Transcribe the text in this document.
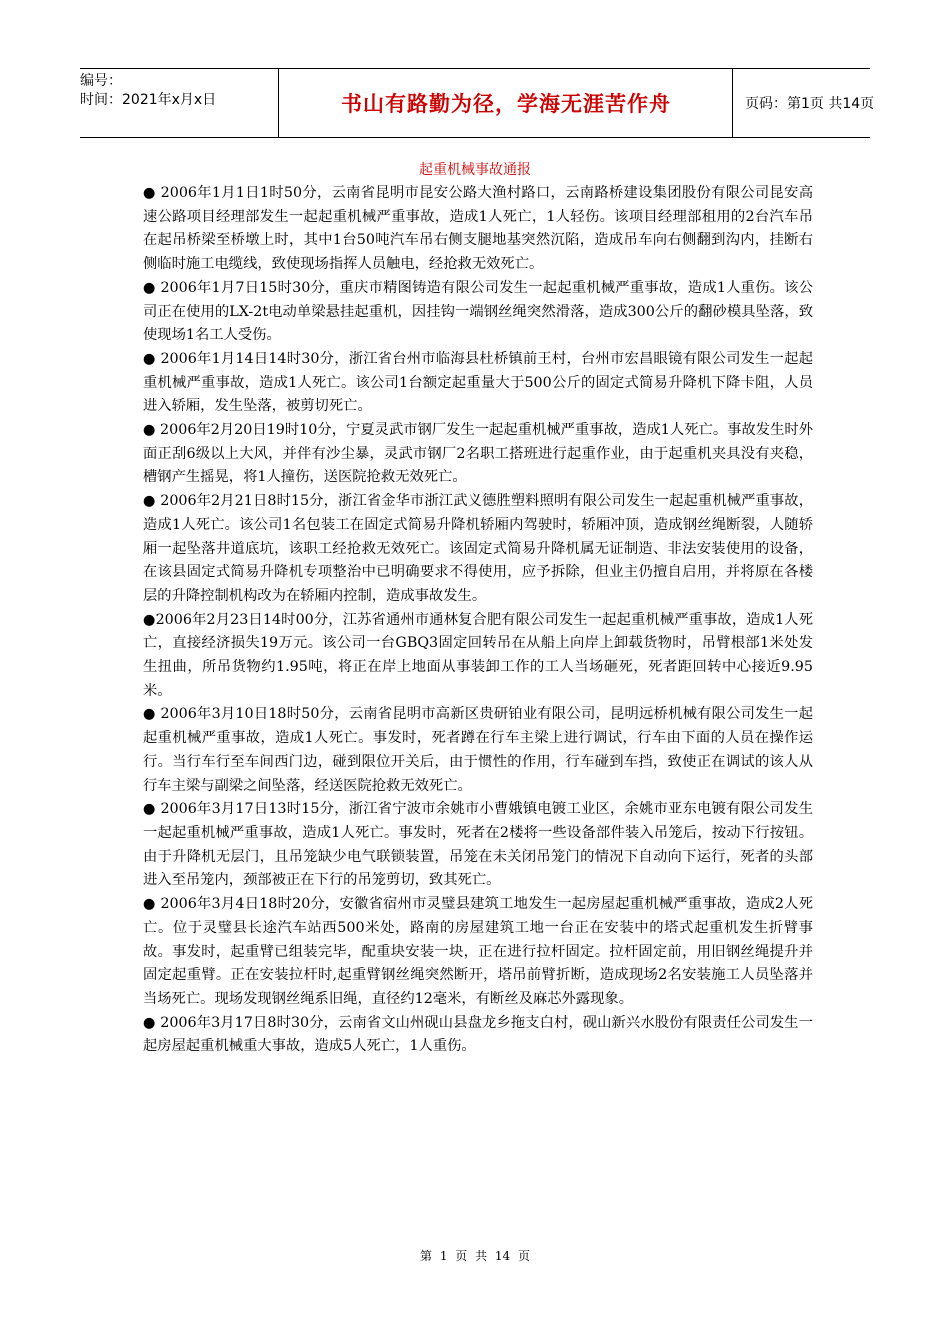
编号：
时间：2021年x月x日	书山有路勤为径，学海无涯苦作舟	页码：第1页 共14页
起重机械事故通报

● 2006年1月1日1时50分，云南省昆明市昆安公路大渔村路口，云南路桥建设集团股份有限公司昆安高速公路项目经理部发生一起起重机械严重事故，造成1人死亡，1人轻伤。该项目经理部租用的2台汽车吊在起吊桥梁至桥墩上时，其中1台50吨汽车吊右侧支腿地基突然沉陷，造成吊车向右侧翻到沟内，挂断右侧临时施工电缆线，致使现场指挥人员触电，经抢救无效死亡。

● 2006年1月7日15时30分，重庆市精图铸造有限公司发生一起起重机械严重事故，造成1人重伤。该公司正在使用的LX-2t电动单梁悬挂起重机，因挂钩一端钢丝绳突然滑落，造成300公斤的翻砂模具坠落，致使现场1名工人受伤。

● 2006年1月14日14时30分，浙江省台州市临海县杜桥镇前王村，台州市宏昌眼镜有限公司发生一起起重机械严重事故，造成1人死亡。该公司1台额定起重量大于500公斤的固定式简易升降机下降卡阻，人员进入轿厢，发生坠落，被剪切死亡。

● 2006年2月20日19时10分，宁夏灵武市钢厂发生一起起重机械严重事故，造成1人死亡。事故发生时外面正刮6级以上大风，并伴有沙尘暴，灵武市钢厂2名职工搭班进行起重作业，由于起重机夹具没有夹稳，槽钢产生摇晃，将1人撞伤，送医院抢救无效死亡。

● 2006年2月21日8时15分，浙江省金华市浙江武义德胜塑料照明有限公司发生一起起重机械严重事故，造成1人死亡。该公司1名包装工在固定式简易升降机轿厢内驾驶时，轿厢冲顶，造成钢丝绳断裂，人随轿厢一起坠落井道底坑，该职工经抢救无效死亡。该固定式简易升降机属无证制造、非法安装使用的设备，在该县固定式简易升降机专项整治中已明确要求不得使用，应予拆除，但业主仍擅自启用，并将原在各楼层的升降控制机构改为在轿厢内控制，造成事故发生。

●2006年2月23日14时00分，江苏省通州市通林复合肥有限公司发生一起起重机械严重事故，造成1人死亡，直接经济损失19万元。该公司一台GBQ3固定回转吊在从船上向岸上卸载货物时，吊臂根部1米处发生扭曲，所吊货物约1.95吨，将正在岸上地面从事装卸工作的工人当场砸死，死者距回转中心接近9.95米。

● 2006年3月10日18时50分，云南省昆明市高新区贵研铂业有限公司，昆明远桥机械有限公司发生一起起重机械严重事故，造成1人死亡。事发时，死者蹲在行车主梁上进行调试，行车由下面的人员在操作运行。当行车行至车间西门边，碰到限位开关后，由于惯性的作用，行车碰到车挡，致使正在调试的该人从行车主梁与副梁之间坠落，经送医院抢救无效死亡。

● 2006年3月17日13时15分，浙江省宁波市余姚市小曹娥镇电镀工业区，余姚市亚东电镀有限公司发生一起起重机械严重事故，造成1人死亡。事发时，死者在2楼将一些设备部件装入吊笼后，按动下行按钮。由于升降机无层门，且吊笼缺少电气联锁装置，吊笼在未关闭吊笼门的情况下自动向下运行，死者的头部进入至吊笼内，颈部被正在下行的吊笼剪切，致其死亡。

● 2006年3月4日18时20分，安徽省宿州市灵璧县建筑工地发生一起房屋起重机械严重事故，造成2人死亡。位于灵璧县长途汽车站西500米处，路南的房屋建筑工地一台正在安装中的塔式起重机发生折臂事故。事发时，起重臂已组装完毕，配重块安装一块，正在进行拉杆固定。拉杆固定前，用旧钢丝绳提升并固定起重臂。正在安装拉杆时,起重臂钢丝绳突然断开，塔吊前臂折断，造成现场2名安装施工人员坠落并当场死亡。现场发现钢丝绳系旧绳，直径约12毫米，有断丝及麻芯外露现象。

● 2006年3月17日8时30分，云南省文山州砚山县盘龙乡拖支白村，砚山新兴水股份有限责任公司发生一起房屋起重机械重大事故，造成5人死亡，1人重伤。

第 1 页 共 14 页
